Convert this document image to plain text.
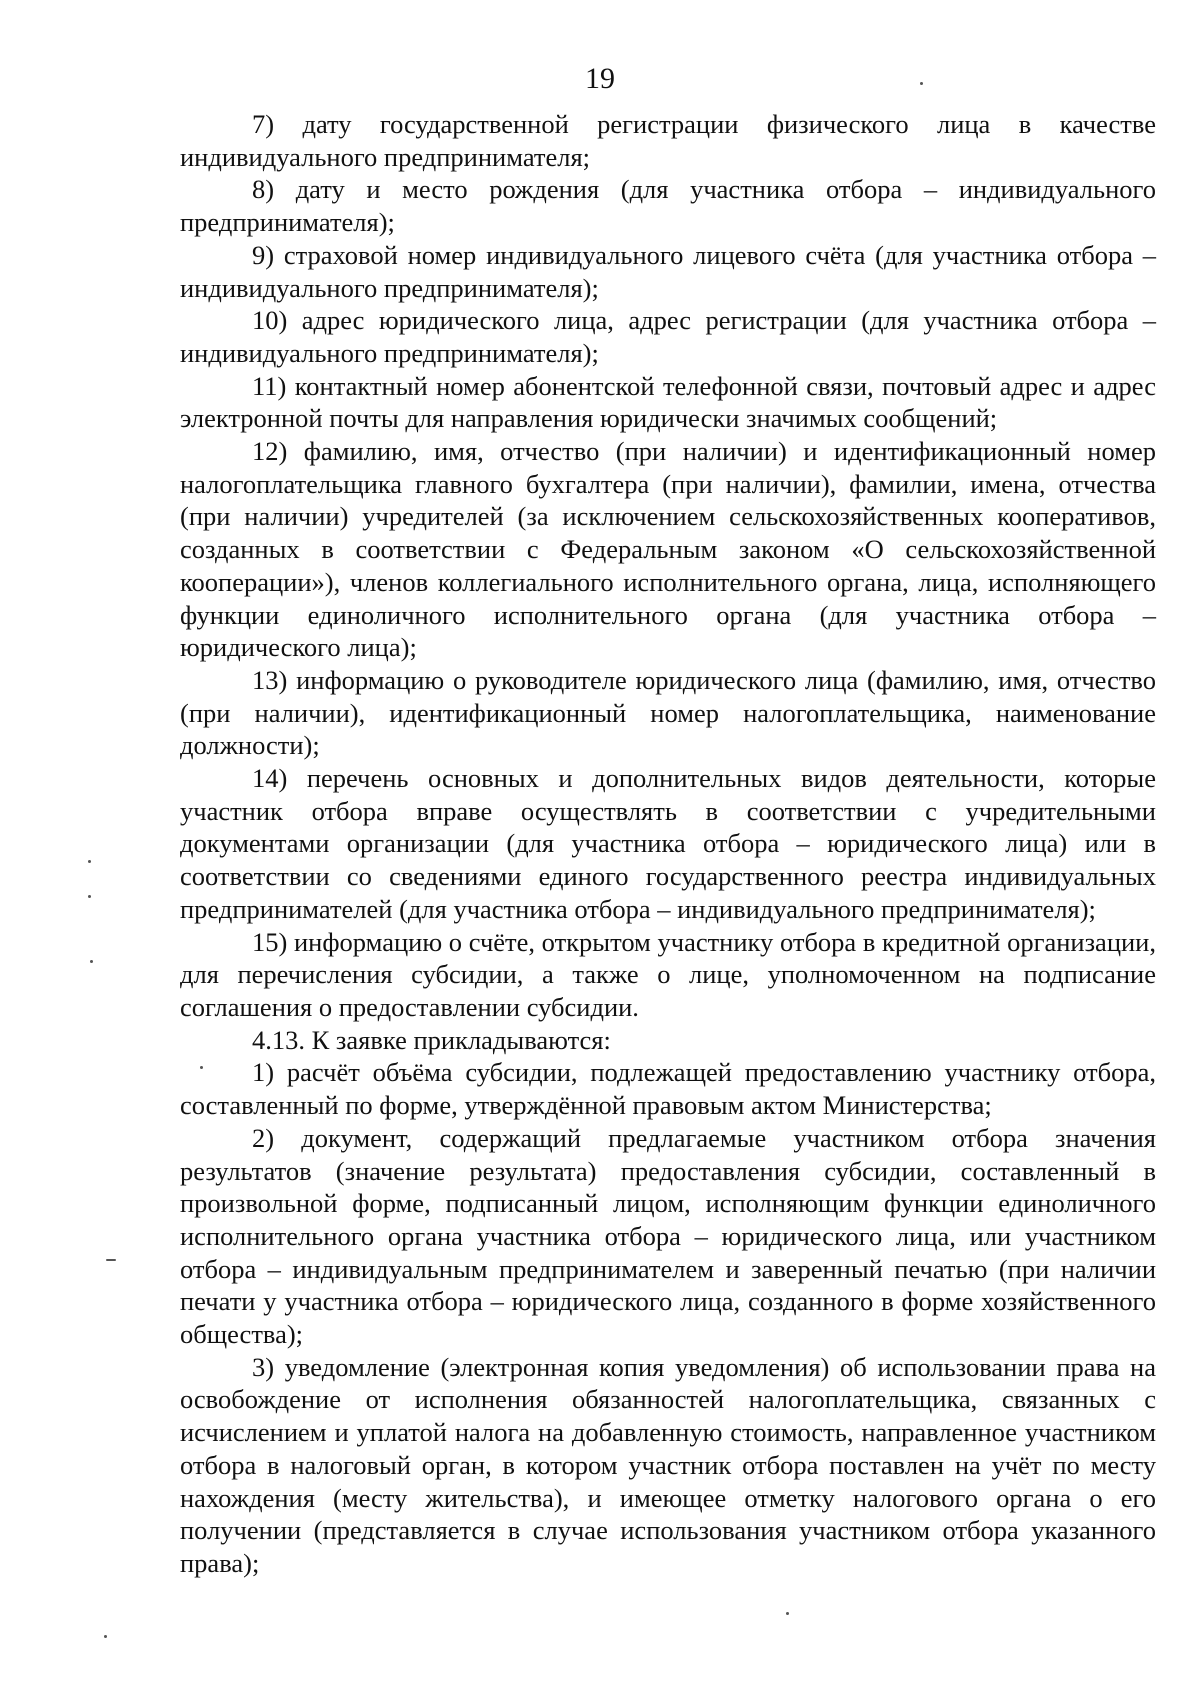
19

7) дату государственной регистрации физического лица в качестве индивидуального предпринимателя;

8) дату и место рождения (для участника отбора – индивидуального предпринимателя);

9) страховой номер индивидуального лицевого счёта (для участника отбора – индивидуального предпринимателя);

10) адрес юридического лица, адрес регистрации (для участника отбора – индивидуального предпринимателя);

11) контактный номер абонентской телефонной связи, почтовый адрес и адрес электронной почты для направления юридически значимых сообщений;

12) фамилию, имя, отчество (при наличии) и идентификационный номер налогоплательщика главного бухгалтера (при наличии), фамилии, имена, отчества (при наличии) учредителей (за исключением сельскохозяйственных кооперативов, созданных в соответствии с Федеральным законом «О сельскохозяйственной кооперации»), членов коллегиального исполнительного органа, лица, исполняющего функции единоличного исполнительного органа (для участника отбора – юридического лица);

13) информацию о руководителе юридического лица (фамилию, имя, отчество (при наличии), идентификационный номер налогоплательщика, наименование должности);

14) перечень основных и дополнительных видов деятельности, которые участник отбора вправе осуществлять в соответствии с учредительными документами организации (для участника отбора – юридического лица) или в соответствии со сведениями единого государственного реестра индивидуальных предпринимателей (для участника отбора – индивидуального предпринимателя);

15) информацию о счёте, открытом участнику отбора в кредитной организации, для перечисления субсидии, а также о лице, уполномоченном на подписание соглашения о предоставлении субсидии.

4.13. К заявке прикладываются:

1) расчёт объёма субсидии, подлежащей предоставлению участнику отбора, составленный по форме, утверждённой правовым актом Министерства;

2) документ, содержащий предлагаемые участником отбора значения результатов (значение результата) предоставления субсидии, составленный в произвольной форме, подписанный лицом, исполняющим функции единоличного исполнительного органа участника отбора – юридического лица, или участником отбора – индивидуальным предпринимателем и заверенный печатью (при наличии печати у участника отбора – юридического лица, созданного в форме хозяйственного общества);

3) уведомление (электронная копия уведомления) об использовании права на освобождение от исполнения обязанностей налогоплательщика, связанных с исчислением и уплатой налога на добавленную стоимость, направленное участником отбора в налоговый орган, в котором участник отбора поставлен на учёт по месту нахождения (месту жительства), и имеющее отметку налогового органа о его получении (представляется в случае использования участником отбора указанного права);
